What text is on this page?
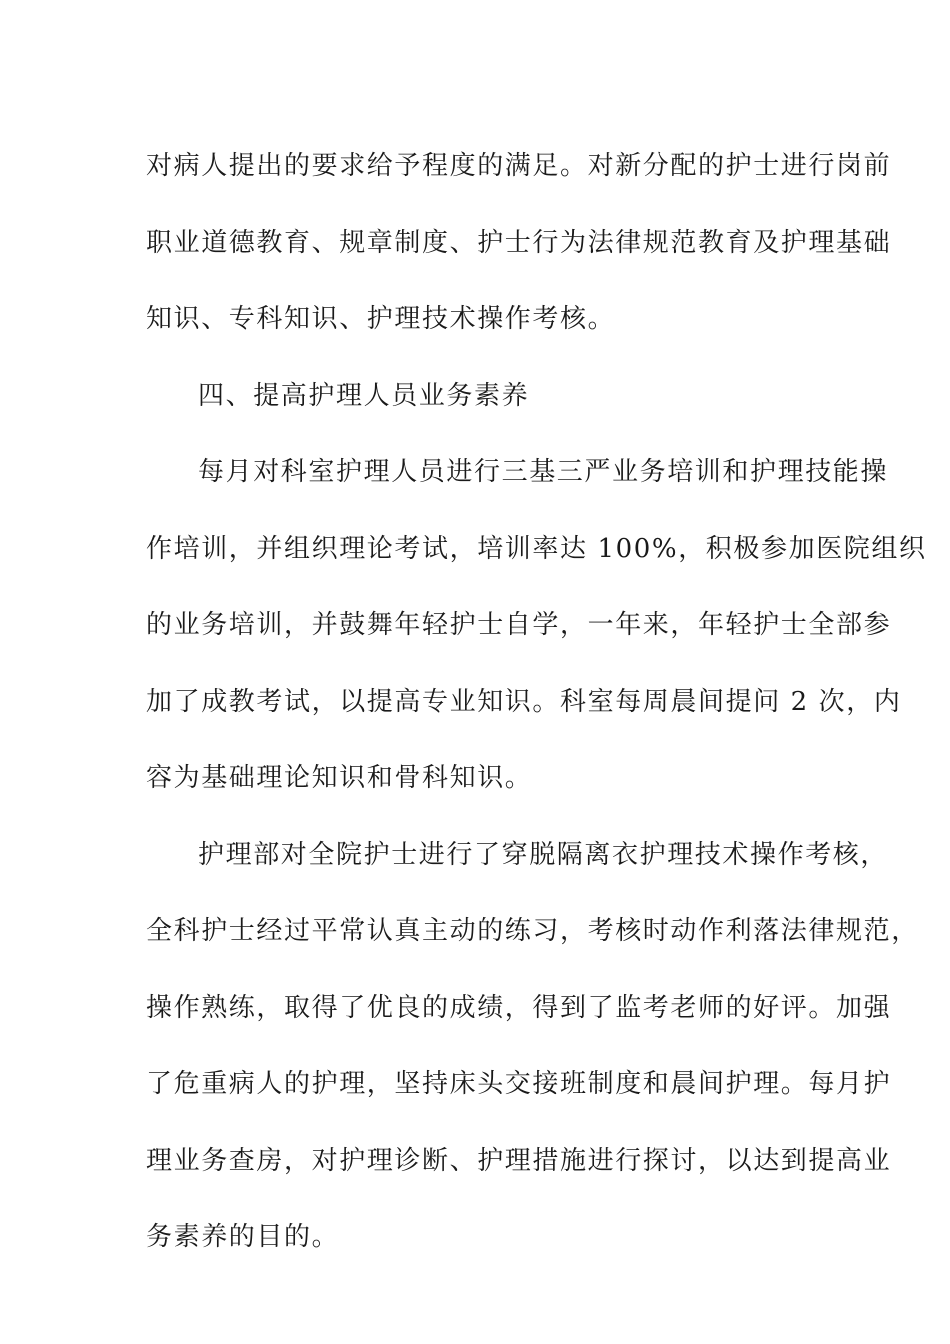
对病人提出的要求给予程度的满足。对新分配的护士进行岗前
职业道德教育、规章制度、护士行为法律规范教育及护理基础
知识、专科知识、护理技术操作考核。
四、提高护理人员业务素养
每月对科室护理人员进行三基三严业务培训和护理技能操
作培训，并组织理论考试，培训率达 100%，积极参加医院组织
的业务培训，并鼓舞年轻护士自学，一年来，年轻护士全部参
加了成教考试，以提高专业知识。科室每周晨间提问 2 次，内
容为基础理论知识和骨科知识。
护理部对全院护士进行了穿脱隔离衣护理技术操作考核，
全科护士经过平常认真主动的练习，考核时动作利落法律规范，
操作熟练，取得了优良的成绩，得到了监考老师的好评。加强
了危重病人的护理，坚持床头交接班制度和晨间护理。每月护
理业务查房，对护理诊断、护理措施进行探讨，以达到提高业
务素养的目的。
